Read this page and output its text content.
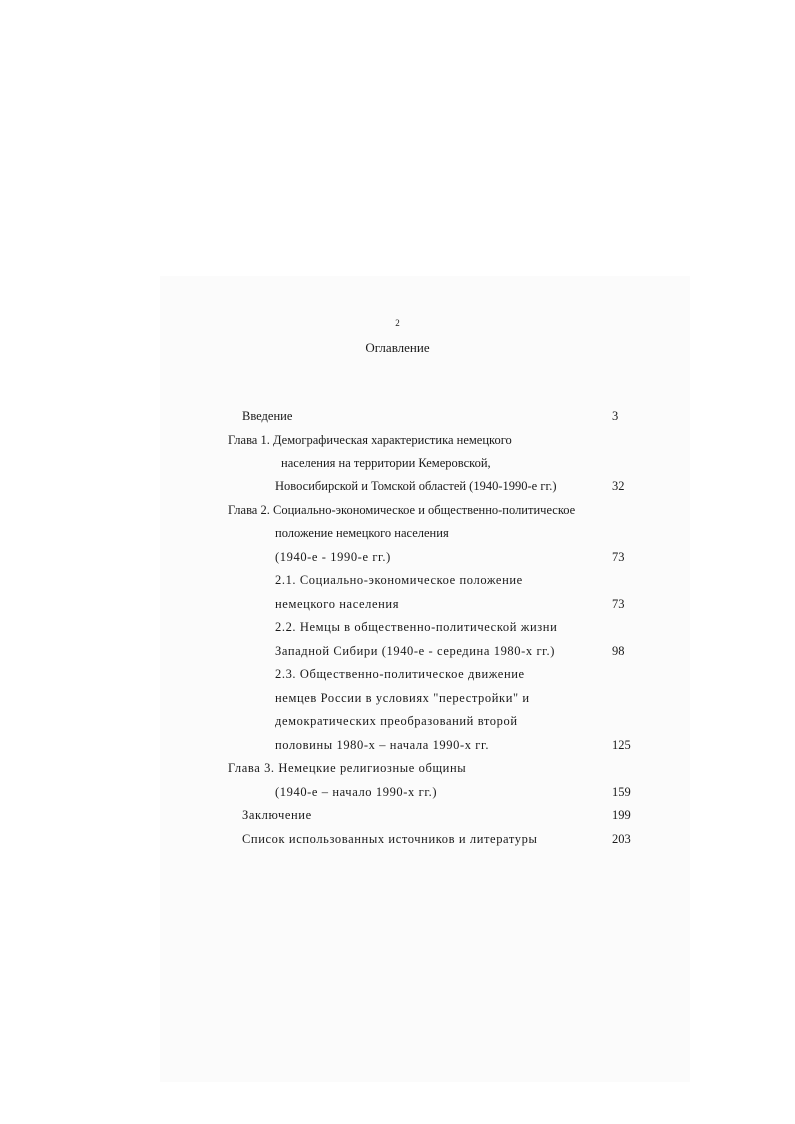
2
Оглавление
Введение	3
Глава 1. Демографическая характеристика немецкого
населения на территории Кемеровской,
Новосибирской и Томской областей (1940-1990-е гг.)	32
Глава 2. Социально-экономическое и общественно-политическое
положение немецкого населения
(1940-е - 1990-е гг.)	73
2.1. Социально-экономическое положение
немецкого населения	73
2.2. Немцы в общественно-политической жизни
Западной Сибири (1940-е - середина 1980-х гг.)	98
2.3. Общественно-политическое движение
немцев России в условиях "перестройки" и
демократических преобразований второй
половины 1980-х – начала 1990-х гг.	125
Глава 3. Немецкие религиозные общины
(1940-е – начало 1990-х гг.)	159
Заключение	199
Список использованных источников и литературы	203
